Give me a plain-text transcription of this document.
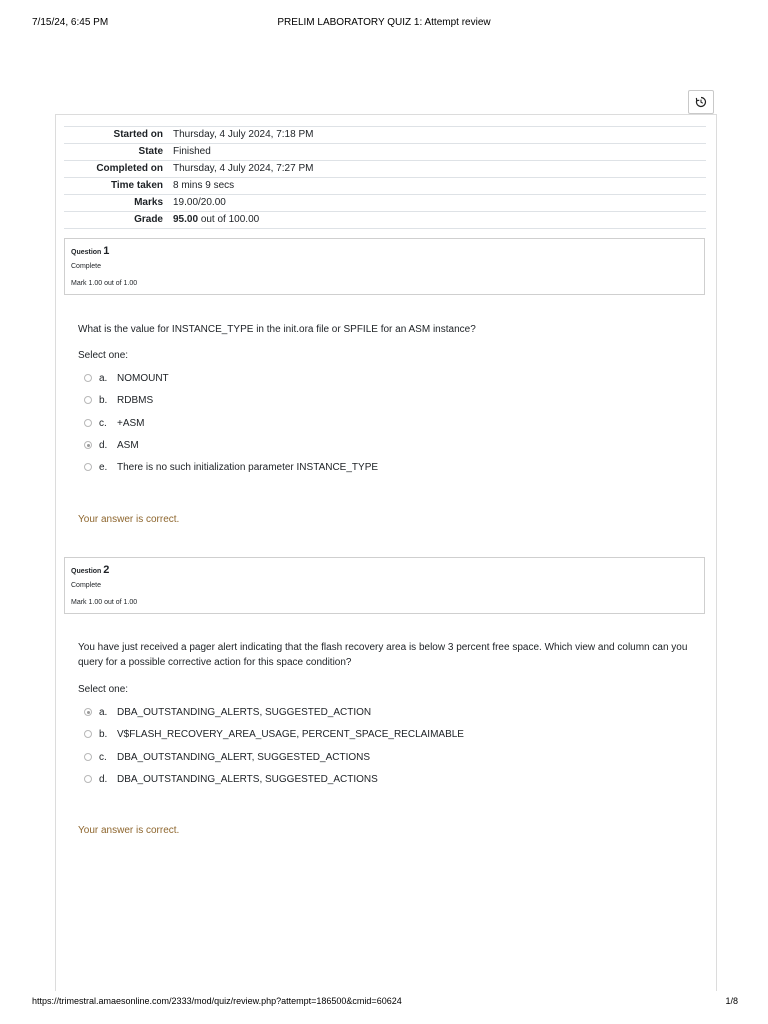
7/15/24, 6:45 PM	PRELIM LABORATORY QUIZ 1: Attempt review
Started on	Thursday, 4 July 2024, 7:18 PM
State	Finished
Completed on	Thursday, 4 July 2024, 7:27 PM
Time taken	8 mins 9 secs
Marks	19.00/20.00
Grade	95.00 out of 100.00
Question 1
Complete
Mark 1.00 out of 1.00
What is the value for INSTANCE_TYPE in the init.ora file or SPFILE for an ASM instance?
Select one:
a. NOMOUNT
b. RDBMS
c. +ASM
d. ASM
e. There is no such initialization parameter INSTANCE_TYPE
Your answer is correct.
Question 2
Complete
Mark 1.00 out of 1.00
You have just received a pager alert indicating that the flash recovery area is below 3 percent free space. Which view and column can you query for a possible corrective action for this space condition?
Select one:
a. DBA_OUTSTANDING_ALERTS, SUGGESTED_ACTION
b. V$FLASH_RECOVERY_AREA_USAGE, PERCENT_SPACE_RECLAIMABLE
c. DBA_OUTSTANDING_ALERT, SUGGESTED_ACTIONS
d. DBA_OUTSTANDING_ALERTS, SUGGESTED_ACTIONS
Your answer is correct.
https://trimestral.amaesonline.com/2333/mod/quiz/review.php?attempt=186500&cmid=60624	1/8
